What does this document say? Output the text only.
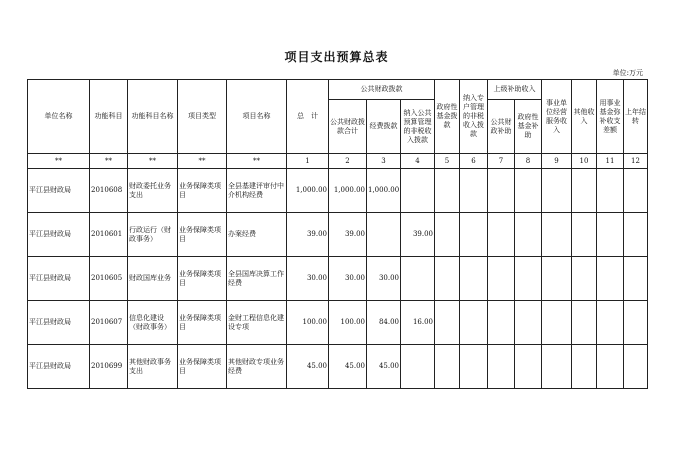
项目支出预算总表
单位:万元
单位名称	功能科目	功能科目名称	项目类型	项目名称	总　计	公共财政拨款			政府性基金拨款	纳入专户管理的非税收入拨款	上级补助收入		事业单位经营服务收入	其他收入	用事业基金弥补收支差额	上年结转
						公共财政拨款合计	经费拨款	纳入公共预算管理的非税收入拨款			公共财政补助	政府性基金补助				
**	**	**	**	**	1	2	3	4	5	6	7	8	9	10	11	12
平江县财政局	2010608	财政委托业务支出	业务保障类项目	全县基建评审付中介机构经费	1,000.00	1,000.00	1,000.00									
平江县财政局	2010601	行政运行（财政事务）	业务保障类项目	办案经费	39.00	39.00		39.00								
平江县财政局	2010605	财政国库业务	业务保障类项目	全县国库决算工作经费	30.00	30.00	30.00									
平江县财政局	2010607	信息化建设（财政事务）	业务保障类项目	金财工程信息化建设专项	100.00	100.00	84.00	16.00								
平江县财政局	2010699	其他财政事务支出	业务保障类项目	其他财政专项业务经费	45.00	45.00	45.00									
